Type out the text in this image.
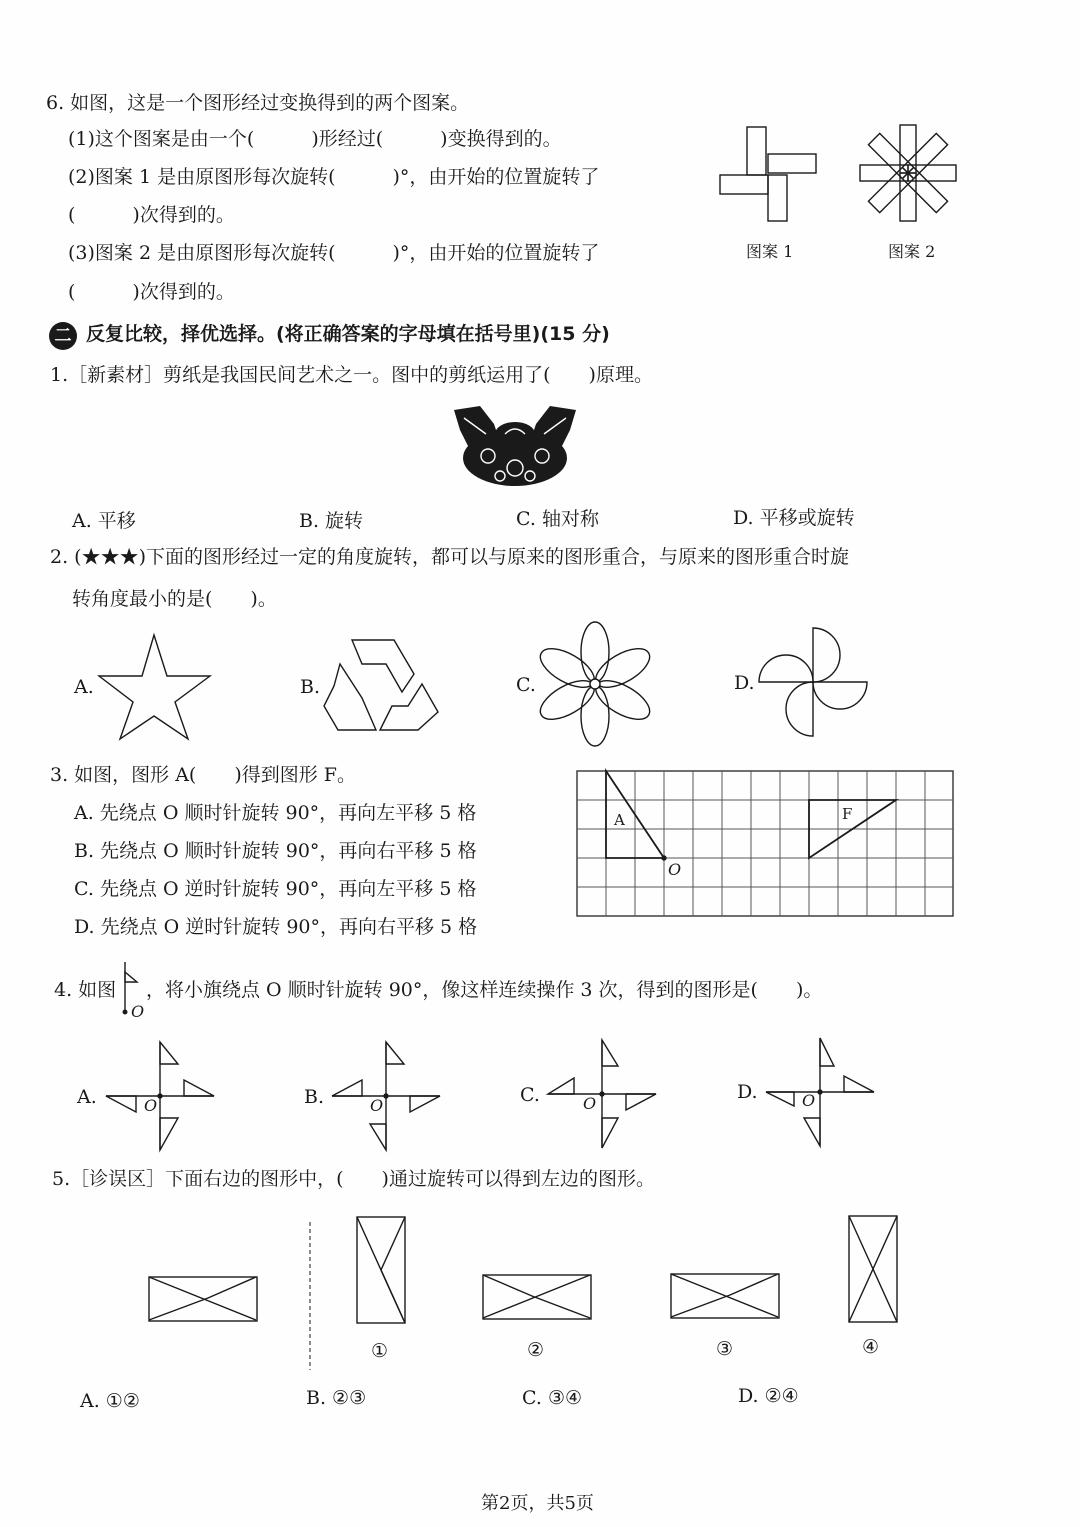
6. 如图，这是一个图形经过变换得到的两个图案。
(1)这个图案是由一个(　　　)形经过(　　　)变换得到的。
(2)图案 1 是由原图形每次旋转(　　　)°，由开始的位置旋转了
(　　　)次得到的。
(3)图案 2 是由原图形每次旋转(　　　)°，由开始的位置旋转了
(　　　)次得到的。
图案 1	图案 2
二 反复比较，择优选择。(将正确答案的字母填在括号里)(15 分)
1.［新素材］剪纸是我国民间艺术之一。图中的剪纸运用了(　　)原理。
A. 平移	B. 旋转	C. 轴对称	D. 平移或旋转
2. (★★★)下面的图形经过一定的角度旋转，都可以与原来的图形重合，与原来的图形重合时旋
转角度最小的是(　　)。
A.	B.	C.	D.
3. 如图，图形 A(　　)得到图形 F。
A. 先绕点 O 顺时针旋转 90°，再向左平移 5 格
B. 先绕点 O 顺时针旋转 90°，再向右平移 5 格
C. 先绕点 O 逆时针旋转 90°，再向左平移 5 格
D. 先绕点 O 逆时针旋转 90°，再向右平移 5 格
A	F
O
4. 如图
O
，将小旗绕点 O 顺时针旋转 90°，像这样连续操作 3 次，得到的图形是(　　)。
A.	O	B.	O	C.	O
D.	O
5.［诊误区］下面右边的图形中，(　　)通过旋转可以得到左边的图形。
①	②	③	④
A. ①②	B. ②③	C. ③④	D. ②④
第2页，共5页
